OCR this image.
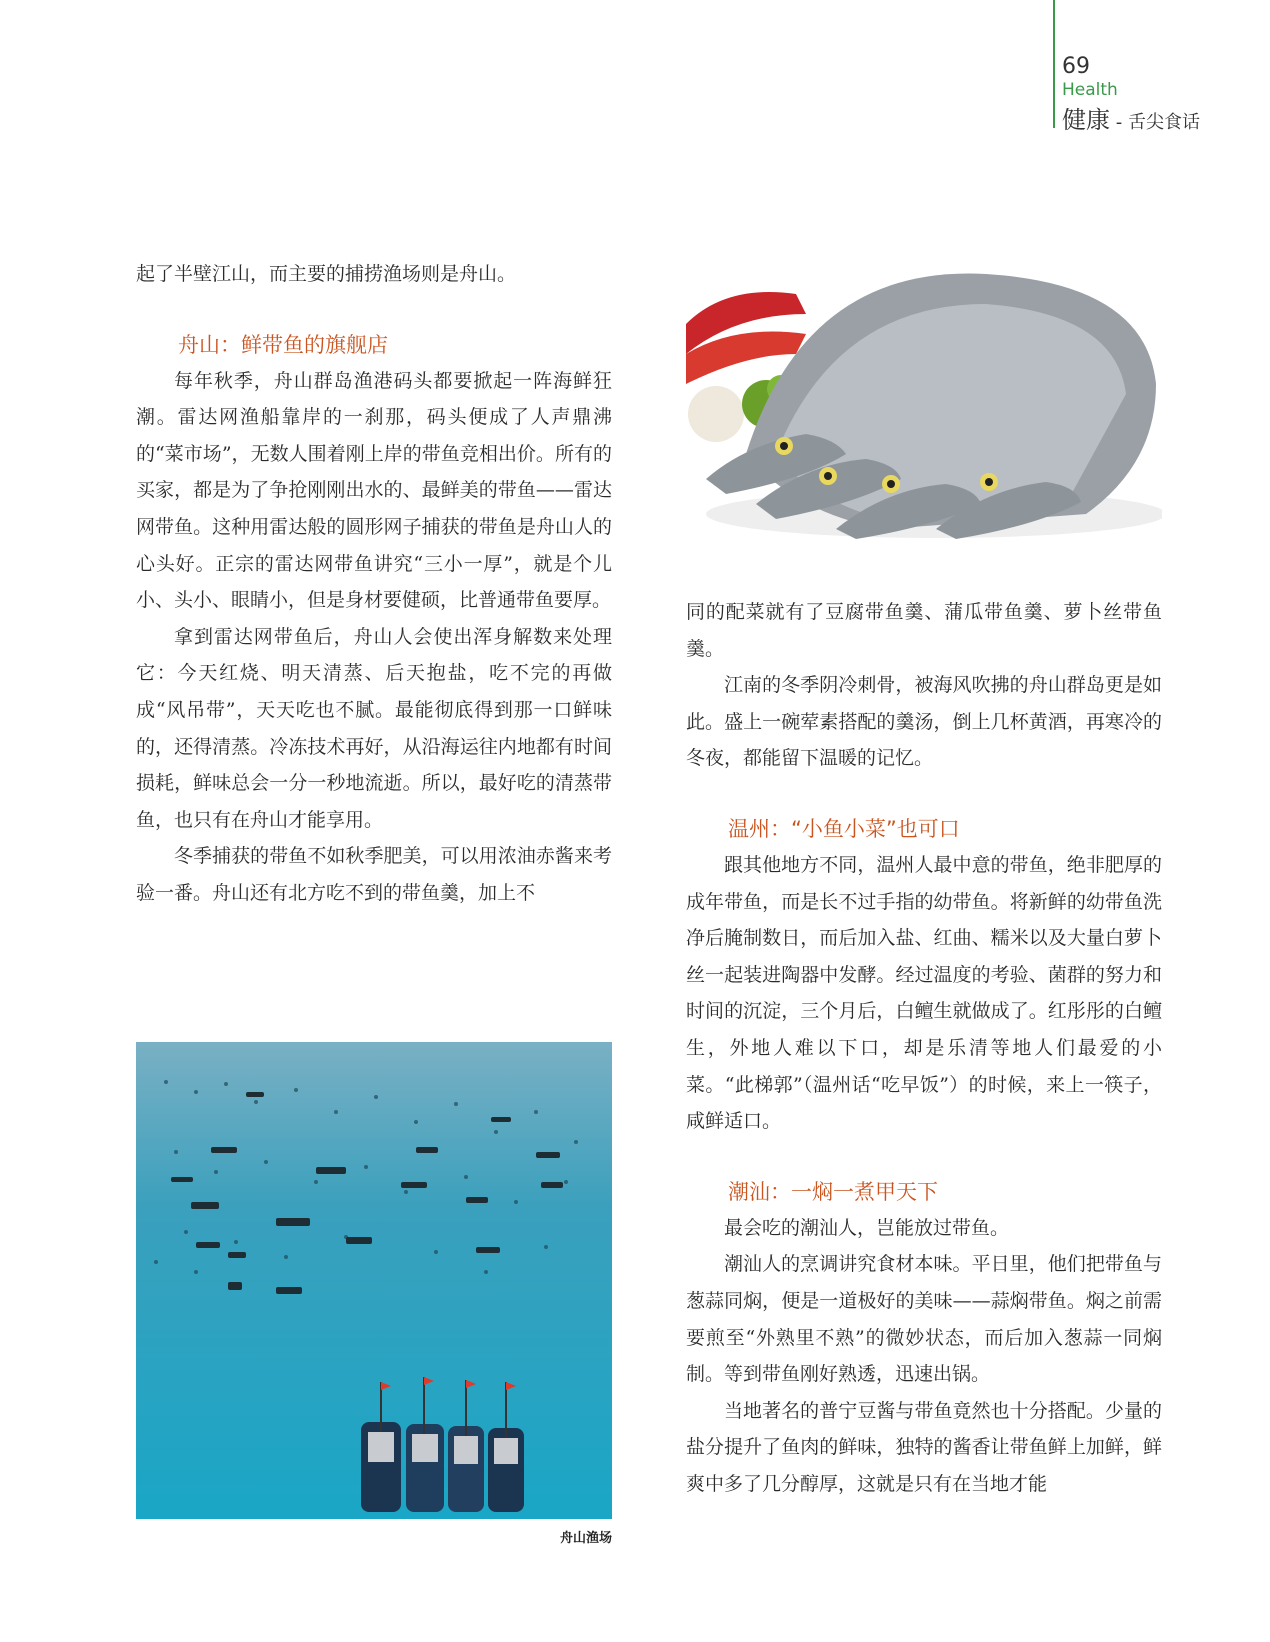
69
Health
健康 - 舌尖食话

起了半壁江山，而主要的捕捞渔场则是舟山。

舟山：鲜带鱼的旗舰店

每年秋季，舟山群岛渔港码头都要掀起一阵海鲜狂潮。雷达网渔船靠岸的一刹那，码头便成了人声鼎沸的“菜市场”，无数人围着刚上岸的带鱼竞相出价。所有的买家，都是为了争抢刚刚出水的、最鲜美的带鱼——雷达网带鱼。这种用雷达般的圆形网子捕获的带鱼是舟山人的心头好。正宗的雷达网带鱼讲究“三小一厚”，就是个儿小、头小、眼睛小，但是身材要健硕，比普通带鱼要厚。

拿到雷达网带鱼后，舟山人会使出浑身解数来处理它：今天红烧、明天清蒸、后天抱盐，吃不完的再做成“风吊带”，天天吃也不腻。最能彻底得到那一口鲜味的，还得清蒸。冷冻技术再好，从沿海运往内地都有时间损耗，鲜味总会一分一秒地流逝。所以，最好吃的清蒸带鱼，也只有在舟山才能享用。

冬季捕获的带鱼不如秋季肥美，可以用浓油赤酱来考验一番。舟山还有北方吃不到的带鱼羹，加上不

舟山渔场

同的配菜就有了豆腐带鱼羹、蒲瓜带鱼羹、萝卜丝带鱼羹。

江南的冬季阴冷刺骨，被海风吹拂的舟山群岛更是如此。盛上一碗荤素搭配的羹汤，倒上几杯黄酒，再寒冷的冬夜，都能留下温暖的记忆。

温州：“小鱼小菜”也可口

跟其他地方不同，温州人最中意的带鱼，绝非肥厚的成年带鱼，而是长不过手指的幼带鱼。将新鲜的幼带鱼洗净后腌制数日，而后加入盐、红曲、糯米以及大量白萝卜丝一起装进陶器中发酵。经过温度的考验、菌群的努力和时间的沉淀，三个月后，白鳣生就做成了。红彤彤的白鳣生，外地人难以下口，却是乐清等地人们最爱的小菜。“此梯郭”（温州话“吃早饭”）的时候，来上一筷子，咸鲜适口。

潮汕：一焖一煮甲天下

最会吃的潮汕人，岂能放过带鱼。

潮汕人的烹调讲究食材本味。平日里，他们把带鱼与葱蒜同焖，便是一道极好的美味——蒜焖带鱼。焖之前需要煎至“外熟里不熟”的微妙状态，而后加入葱蒜一同焖制。等到带鱼刚好熟透，迅速出锅。

当地著名的普宁豆酱与带鱼竟然也十分搭配。少量的盐分提升了鱼肉的鲜味，独特的酱香让带鱼鲜上加鲜，鲜爽中多了几分醇厚，这就是只有在当地才能
